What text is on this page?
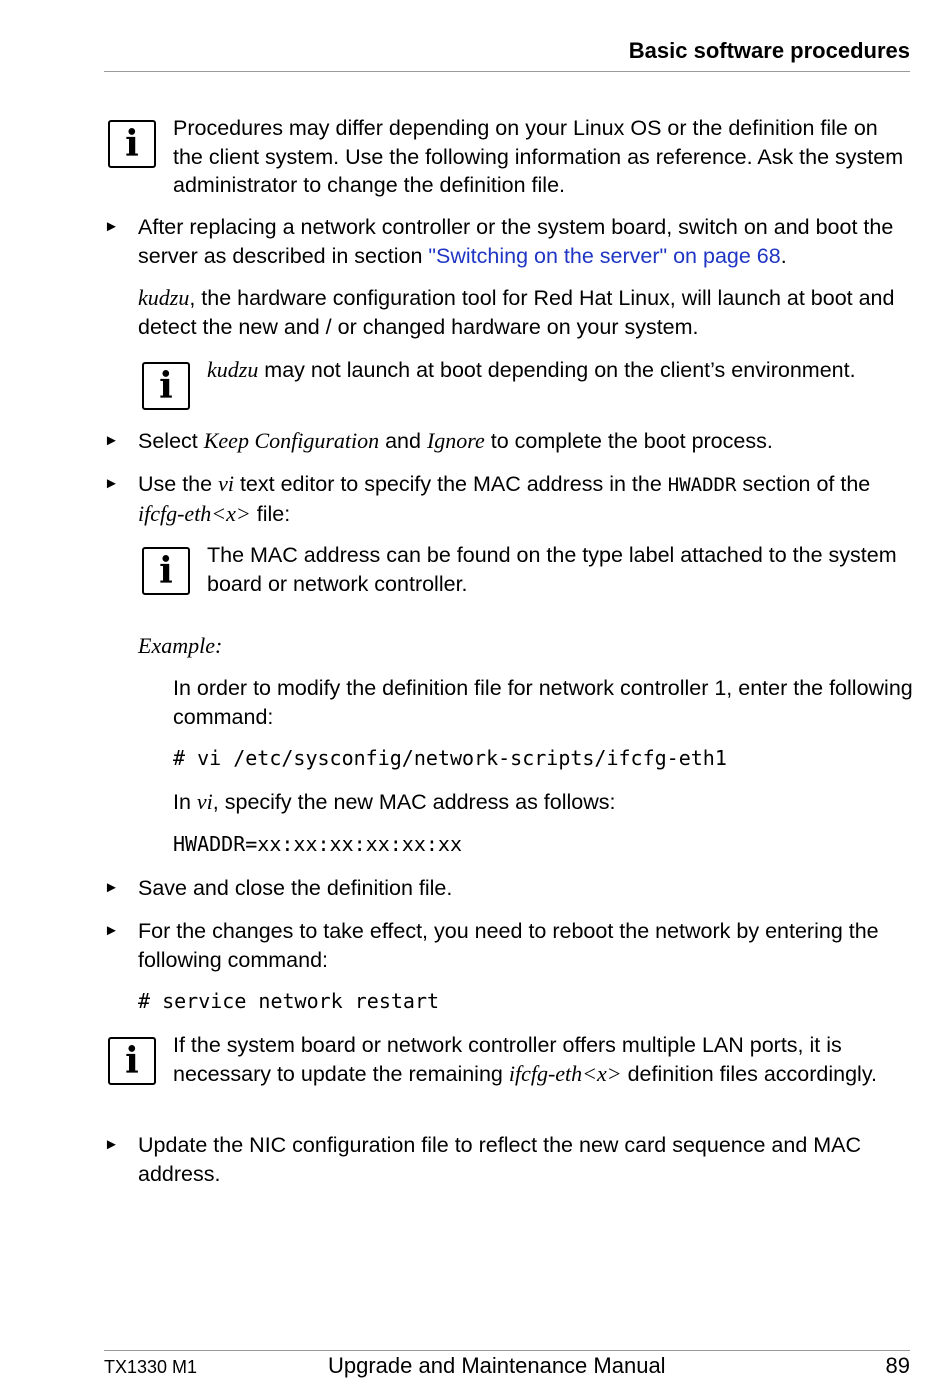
Basic software procedures
i
Procedures may differ depending on your Linux OS or the definition file on the client system. Use the following information as reference. Ask the system administrator to change the definition file.
► After replacing a network controller or the system board, switch on and boot the server as described in section "Switching on the server" on page 68.
kudzu, the hardware configuration tool for Red Hat Linux, will launch at boot and detect the new and / or changed hardware on your system.
i
kudzu may not launch at boot depending on the client’s environment.
► Select Keep Configuration and Ignore to complete the boot process.
► Use the vi text editor to specify the MAC address in the HWADDR section of the ifcfg-eth<x> file:
i
The MAC address can be found on the type label attached to the system board or network controller.
Example:
In order to modify the definition file for network controller 1, enter the following command:
# vi /etc/sysconfig/network-scripts/ifcfg-eth1
In vi, specify the new MAC address as follows:
HWADDR=xx:xx:xx:xx:xx:xx
► Save and close the definition file.
► For the changes to take effect, you need to reboot the network by entering the following command:
# service network restart
i
If the system board or network controller offers multiple LAN ports, it is necessary to update the remaining ifcfg-eth<x> definition files accordingly.
► Update the NIC configuration file to reflect the new card sequence and MAC address.
TX1330 M1	Upgrade and Maintenance Manual	89
